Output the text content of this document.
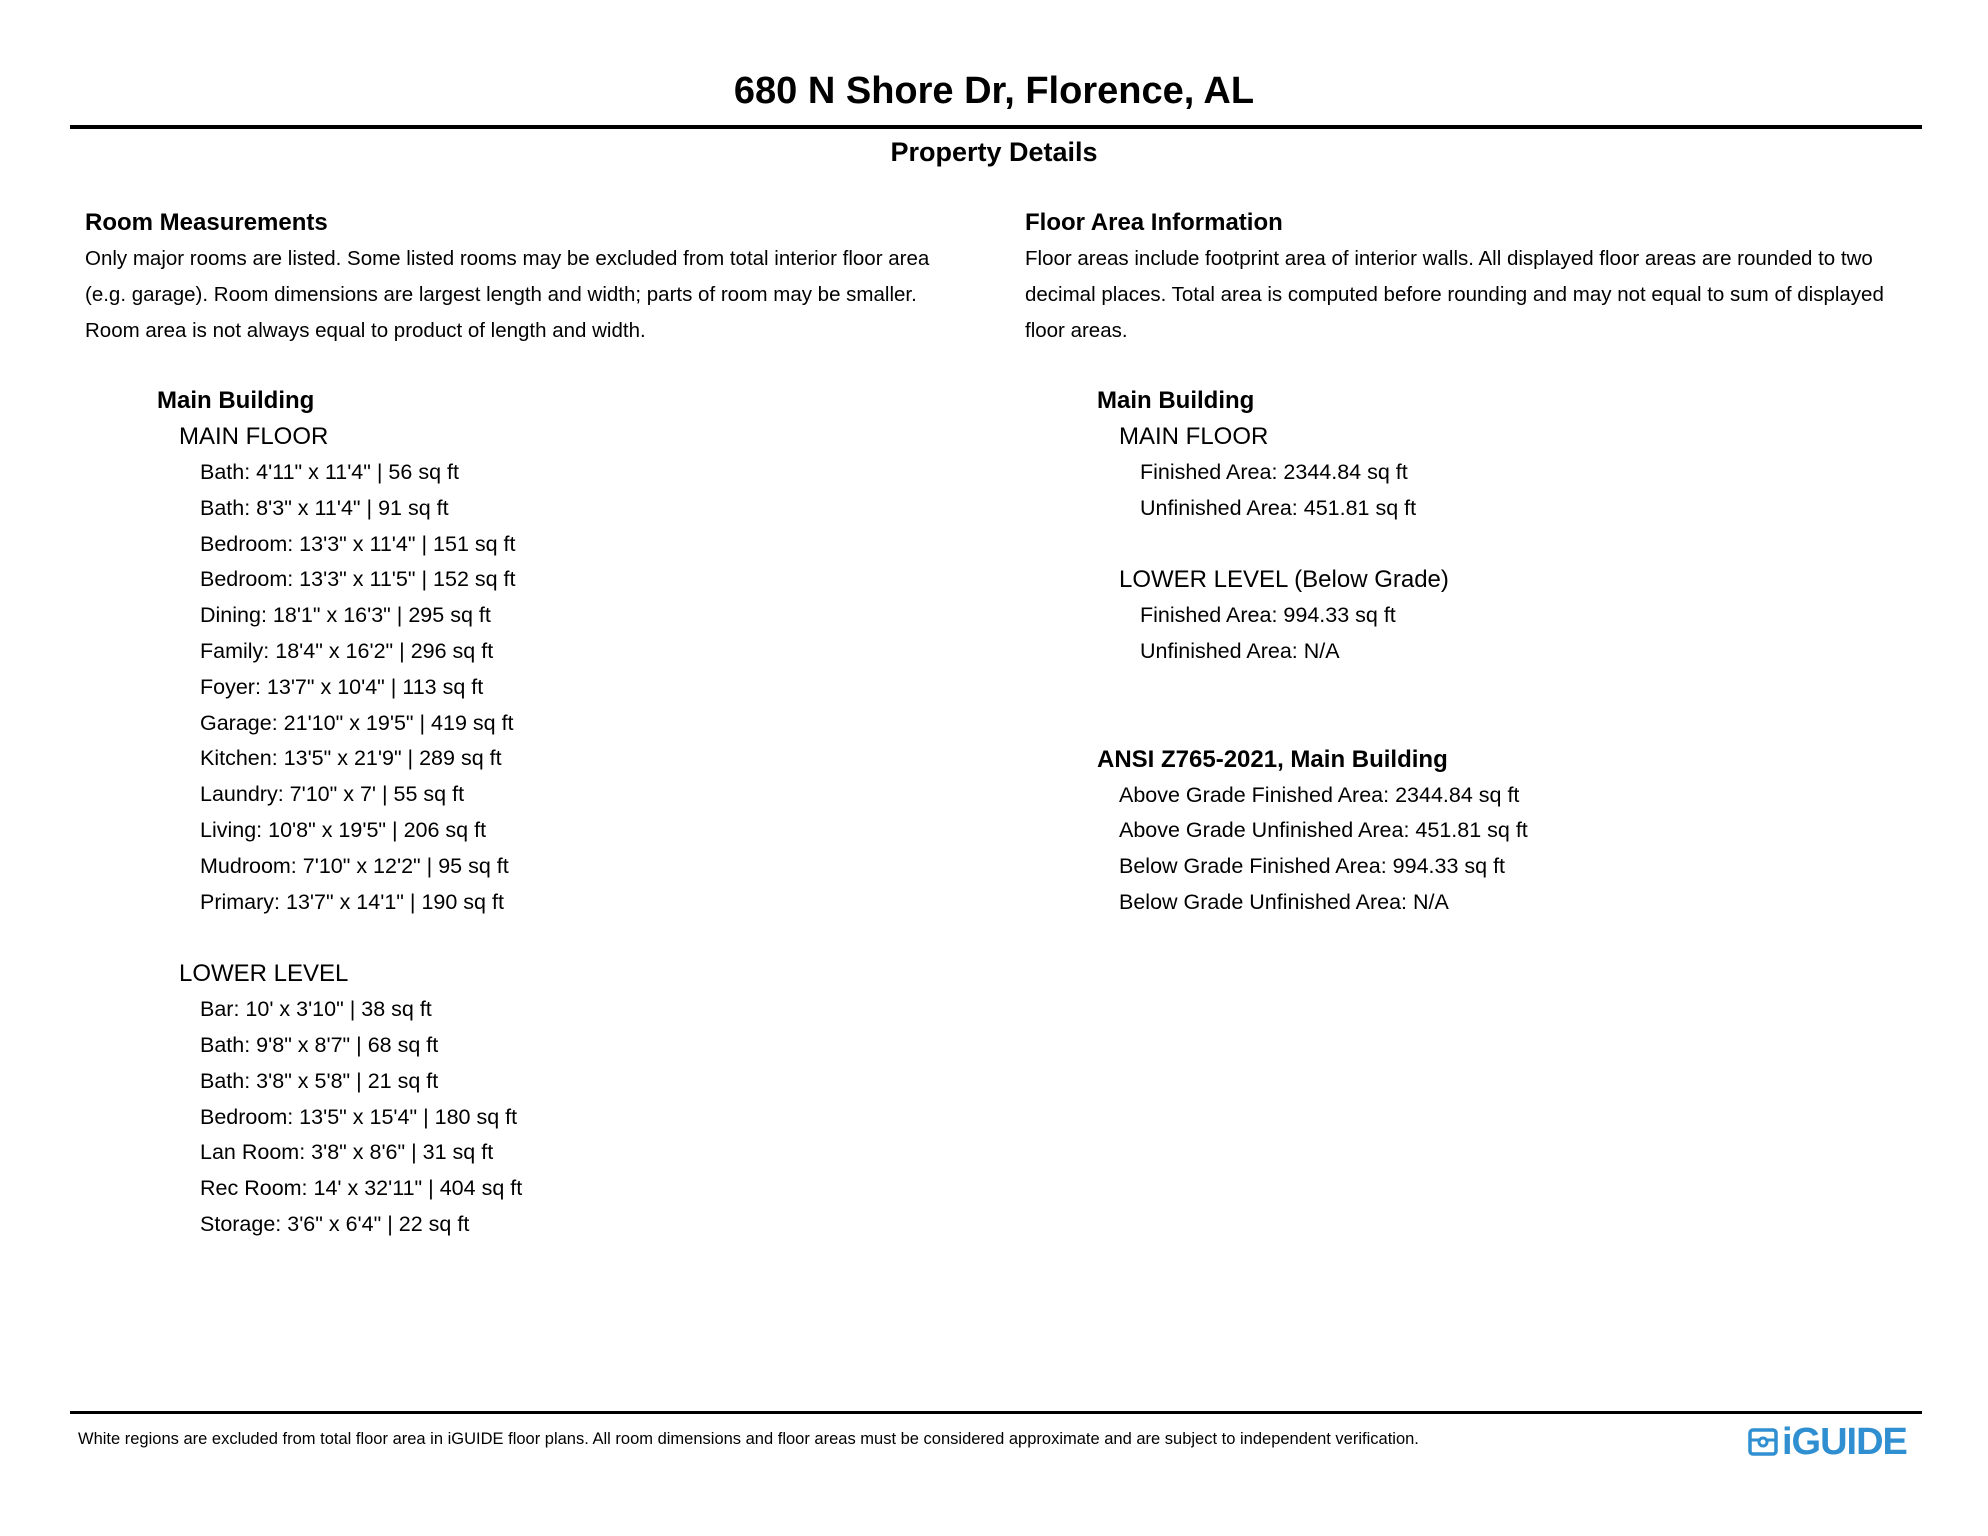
680 N Shore Dr, Florence, AL
Property Details
Room Measurements
Only major rooms are listed. Some listed rooms may be excluded from total interior floor area
(e.g. garage). Room dimensions are largest length and width; parts of room may be smaller.
Room area is not always equal to product of length and width.
Main Building
MAIN FLOOR
Bath: 4'11" x 11'4" | 56 sq ft
Bath: 8'3" x 11'4" | 91 sq ft
Bedroom: 13'3" x 11'4" | 151 sq ft
Bedroom: 13'3" x 11'5" | 152 sq ft
Dining: 18'1" x 16'3" | 295 sq ft
Family: 18'4" x 16'2" | 296 sq ft
Foyer: 13'7" x 10'4" | 113 sq ft
Garage: 21'10" x 19'5" | 419 sq ft
Kitchen: 13'5" x 21'9" | 289 sq ft
Laundry: 7'10" x 7' | 55 sq ft
Living: 10'8" x 19'5" | 206 sq ft
Mudroom: 7'10" x 12'2" | 95 sq ft
Primary: 13'7" x 14'1" | 190 sq ft
LOWER LEVEL
Bar: 10' x 3'10" | 38 sq ft
Bath: 9'8" x 8'7" | 68 sq ft
Bath: 3'8" x 5'8" | 21 sq ft
Bedroom: 13'5" x 15'4" | 180 sq ft
Lan Room: 3'8" x 8'6" | 31 sq ft
Rec Room: 14' x 32'11" | 404 sq ft
Storage: 3'6" x 6'4" | 22 sq ft
Floor Area Information
Floor areas include footprint area of interior walls. All displayed floor areas are rounded to two
decimal places. Total area is computed before rounding and may not equal to sum of displayed
floor areas.
Main Building
MAIN FLOOR
Finished Area: 2344.84 sq ft
Unfinished Area: 451.81 sq ft
LOWER LEVEL (Below Grade)
Finished Area: 994.33 sq ft
Unfinished Area: N/A
ANSI Z765-2021, Main Building
Above Grade Finished Area: 2344.84 sq ft
Above Grade Unfinished Area: 451.81 sq ft
Below Grade Finished Area: 994.33 sq ft
Below Grade Unfinished Area: N/A
White regions are excluded from total floor area in iGUIDE floor plans. All room dimensions and floor areas must be considered approximate and are subject to independent verification.	iGUIDE
